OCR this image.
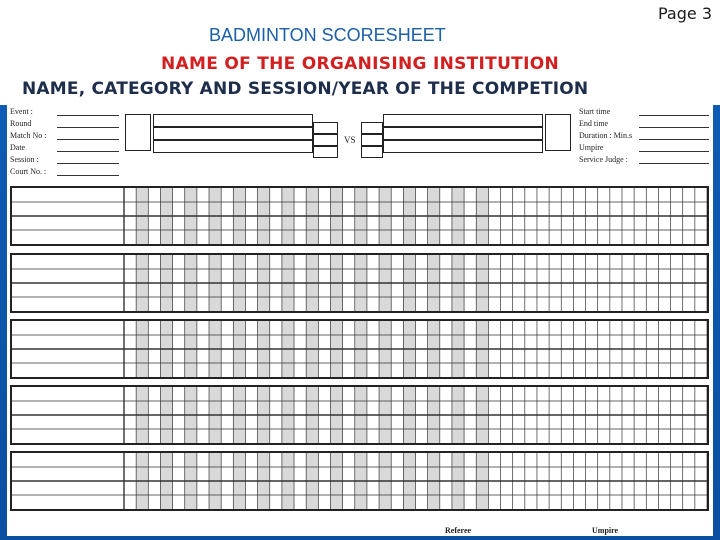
Page 3
BADMINTON SCORESHEET
NAME OF THE ORGANISING INSTITUTION
NAME, CATEGORY AND SESSION/YEAR OF THE COMPETION
Event :
Round
Match No :
Date
Session :
Court No. :
VS
Start time
End time
Duration : Min.s
Umpire
Service Judge :
Referee	Umpire
